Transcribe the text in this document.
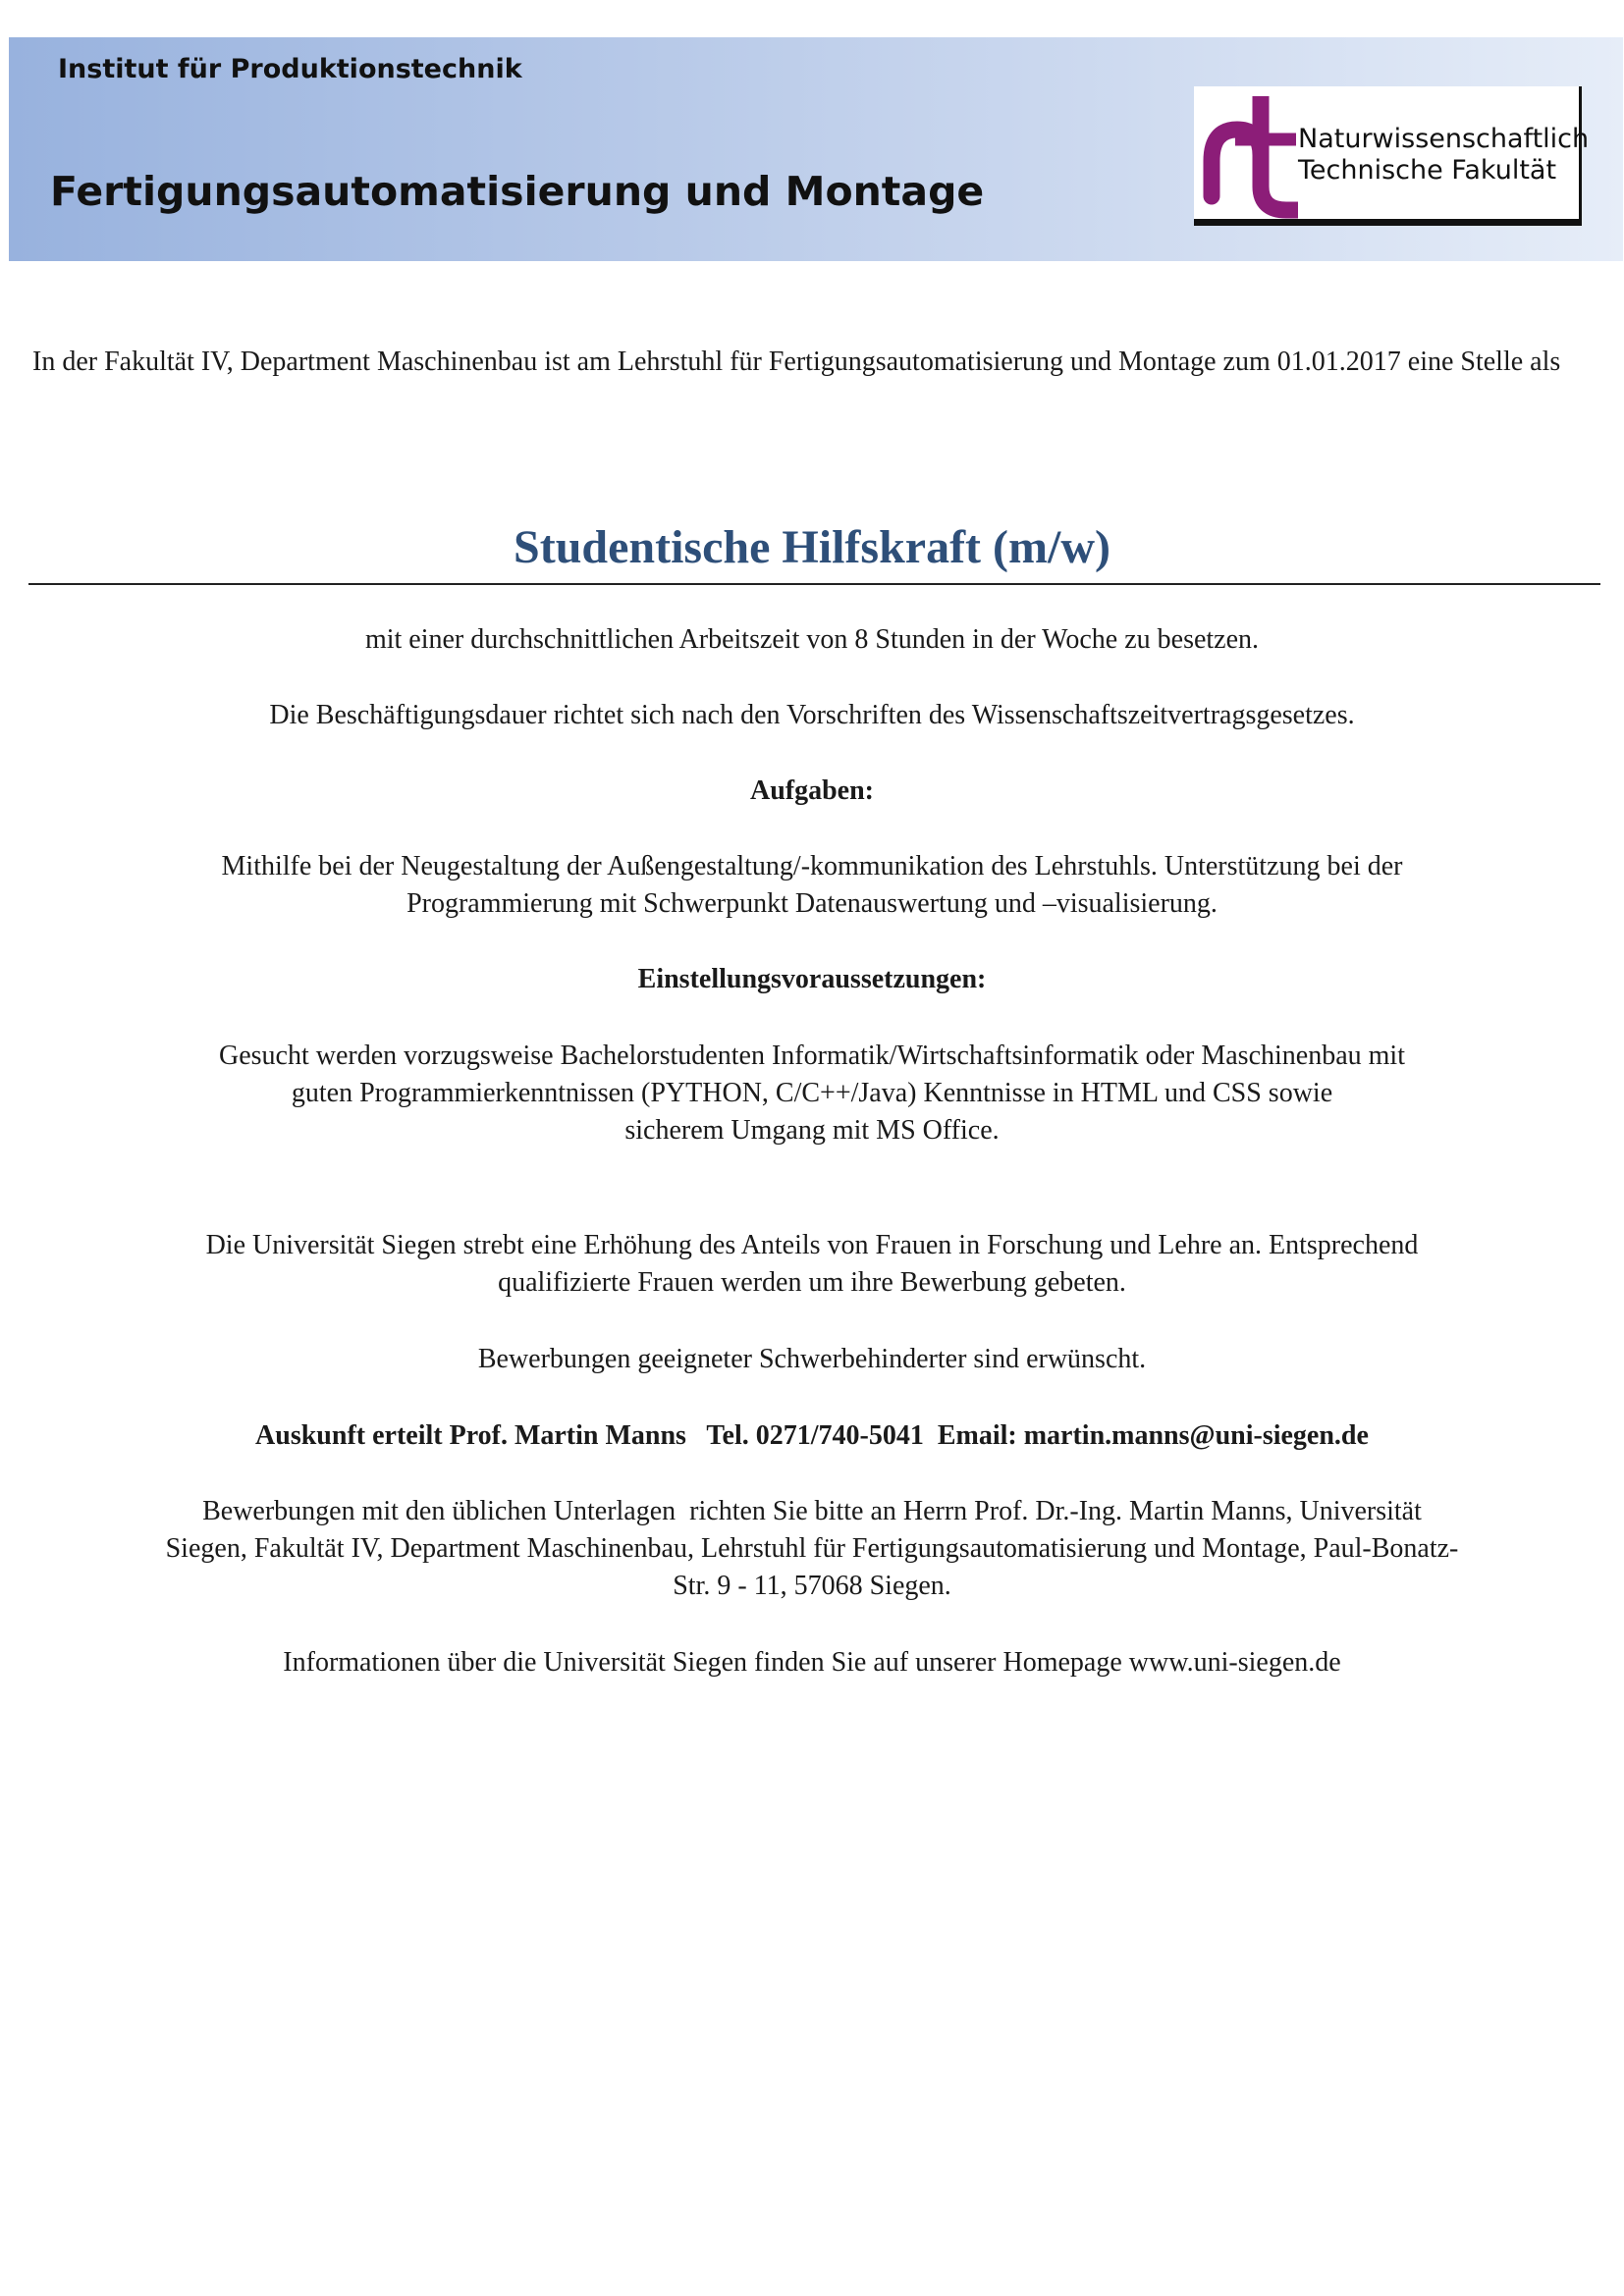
Institut für Produktionstechnik
Fertigungsautomatisierung und Montage
Naturwissenschaftlich
Technische Fakultät

In der Fakultät IV, Department Maschinenbau ist am Lehrstuhl für Fertigungsautomatisierung und Montage zum 01.01.2017 eine Stelle als

Studentische Hilfskraft (m/w)
mit einer durchschnittlichen Arbeitszeit von 8 Stunden in der Woche zu besetzen.
Die Beschäftigungsdauer richtet sich nach den Vorschriften des Wissenschaftszeitvertragsgesetzes.
Aufgaben:
Mithilfe bei der Neugestaltung der Außengestaltung/-kommunikation des Lehrstuhls. Unterstützung bei der
Programmierung mit Schwerpunkt Datenauswertung und –visualisierung.
Einstellungsvoraussetzungen:
Gesucht werden vorzugsweise Bachelorstudenten Informatik/Wirtschaftsinformatik oder Maschinenbau mit
guten Programmierkenntnissen (PYTHON, C/C++/Java) Kenntnisse in HTML und CSS sowie
sicherem Umgang mit MS Office.
Die Universität Siegen strebt eine Erhöhung des Anteils von Frauen in Forschung und Lehre an. Entsprechend
qualifizierte Frauen werden um ihre Bewerbung gebeten.
Bewerbungen geeigneter Schwerbehinderter sind erwünscht.
Auskunft erteilt Prof. Martin Manns   Tel. 0271/740-5041  Email: martin.manns@uni-siegen.de
Bewerbungen mit den üblichen Unterlagen  richten Sie bitte an Herrn Prof. Dr.-Ing. Martin Manns, Universität
Siegen, Fakultät IV, Department Maschinenbau, Lehrstuhl für Fertigungsautomatisierung und Montage, Paul-Bonatz-
Str. 9 - 11, 57068 Siegen.
Informationen über die Universität Siegen finden Sie auf unserer Homepage www.uni-siegen.de
